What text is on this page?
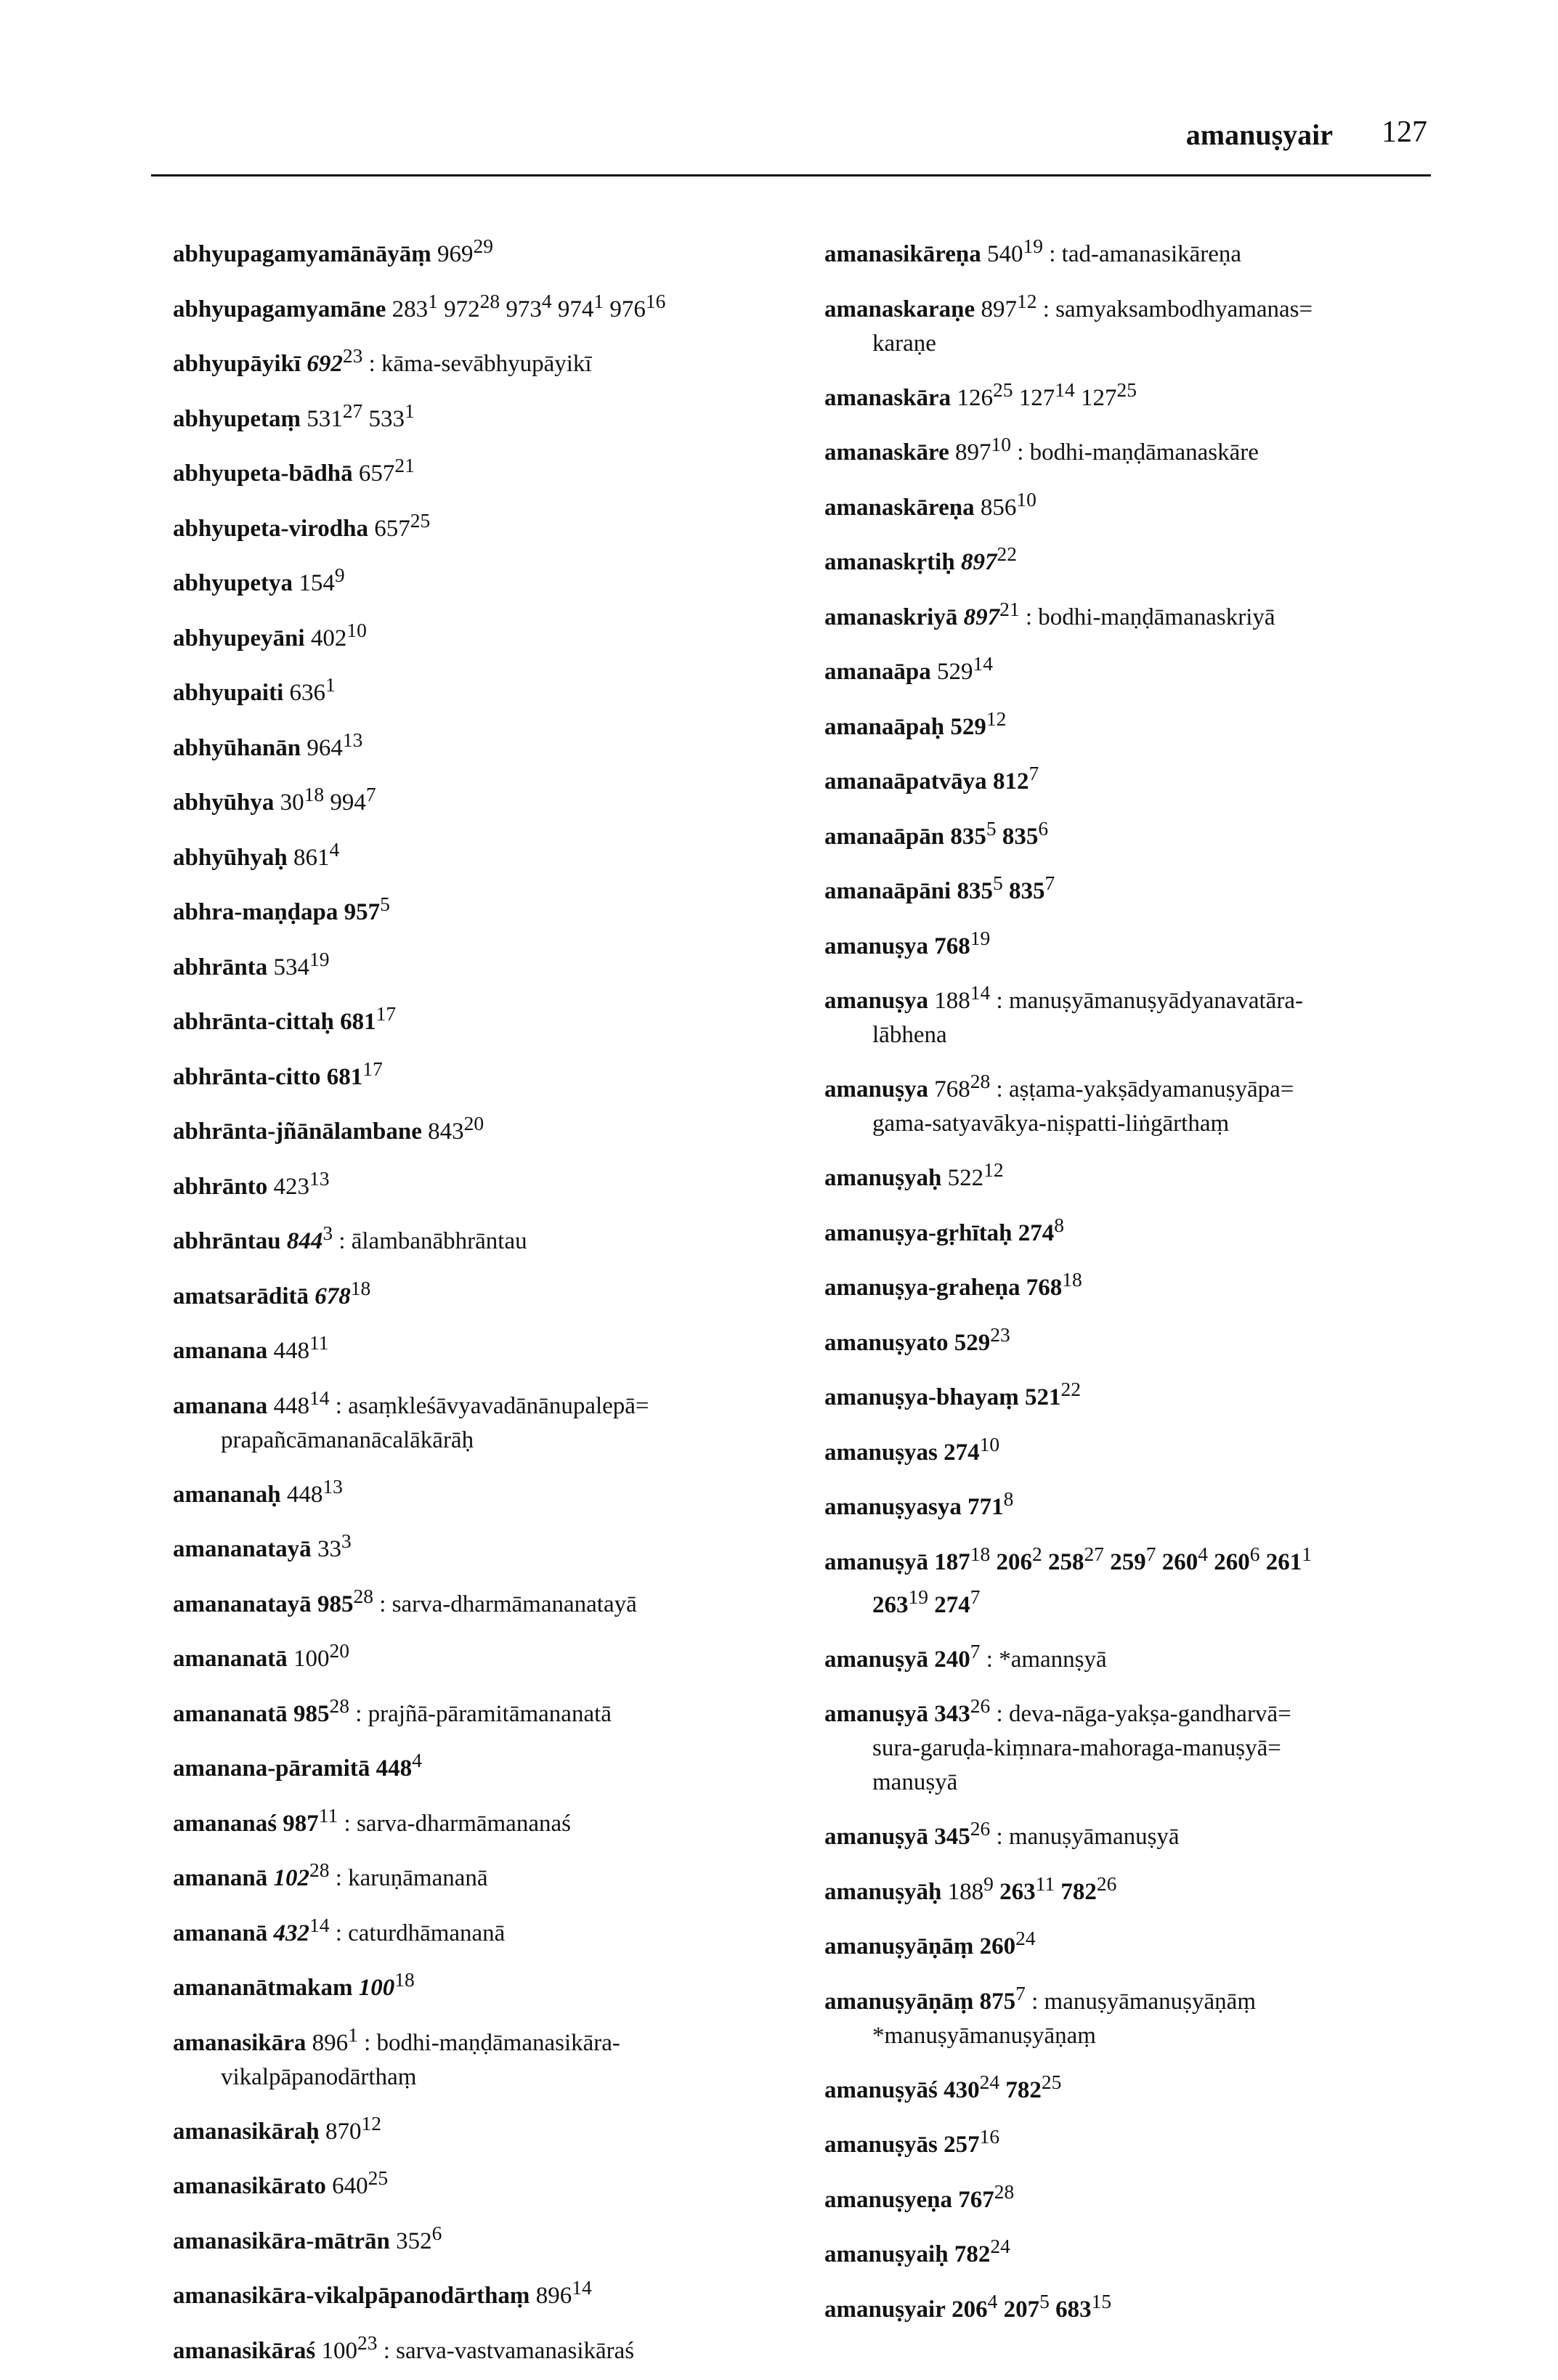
amanuṣyair 127
abhyupagamyamānāyāṃ $969^{29}$
abhyupagamyamāne $283^1$ $972^{28}$ $973^4$ $974^1$ $976^{16}$
abhyupāyikī $692^{23}$ : kāma-sevābhyupāyikī
abhyupetaṃ $531^{27}$ $533^1$
abhyupeta-bādhā $657^{21}$
abhyupeta-virodha $657^{25}$
abhyupetya $154^9$
abhyupeyāni $402^{10}$
abhyupaiti $636^1$
abhyūhanān $964^{13}$
abhyūhya $30^{18}$ $994^7$
abhyūhyaḥ $861^4$
abhra-maṇḍapa $957^5$
abhrānta $534^{19}$
abhrānta-cittaḥ $681^{17}$
abhrānta-citto $681^{17}$
abhrānta-jñānālambane $843^{20}$
abhrānto $423^{13}$
abhrāntau $844^3$ : ālambanābhrāntau
amatsarāditā $678^{18}$
amanana $448^{11}$
amanana $448^{14}$ : asaṃkleśāvyavadānānupalepā=
prapañcāmananācalākārāḥ
amananaḥ $448^{13}$
amananatayā $33^3$
amananatayā $985^{28}$ : sarva-dharmāmananatayā
amananatā $100^{20}$
amananatā $985^{28}$ : prajñā-pāramitāmananatā
amanana-pāramitā $448^4$
amananaś $987^{11}$ : sarva-dharmāmananaś
amananā $102^{28}$ : karuṇāmananā
amananā $432^{14}$ : caturdhāmananā
amananātmakam $100^{18}$
amanasikāra $896^1$ : bodhi-maṇḍāmanasikāra-
vikalpāpanodārthaṃ
amanasikāraḥ $870^{12}$
amanasikārato $640^{25}$
amanasikāra-mātrān $352^6$
amanasikāra-vikalpāpanodārthaṃ $896^{14}$
amanasikāraś $100^{23}$ : sarva-vastvamanasikāraś
amanasikāreṇa $540^{19}$ : tad-amanasikāreṇa
amanaskaraṇe $897^{12}$ : samyaksambodhyamanas=
karaṇe
amanaskāra $126^{25}$ $127^{14}$ $127^{25}$
amanaskāre $897^{10}$ : bodhi-maṇḍāmanaskāre
amanaskāreṇa $856^{10}$
amanaskṛtiḥ $897^{22}$
amanaskriyā $897^{21}$ : bodhi-maṇḍāmanaskriyā
amanaāpa $529^{14}$
amanaāpaḥ $529^{12}$
amanaāpatvāya $812^7$
amanaāpān $835^5$ $835^6$
amanaāpāni $835^5$ $835^7$
amanuṣya $768^{19}$
amanuṣya $188^{14}$ : manuṣyāmanuṣyādyanavatāra-
lābhena
amanuṣya $768^{28}$ : aṣṭama-yakṣādyamanuṣyāpa=
gama-satyavākya-niṣpatti-liṅgārthaṃ
amanuṣyaḥ $522^{12}$
amanuṣya-gṛhītaḥ $274^8$
amanuṣya-graheṇa $768^{18}$
amanuṣyato $529^{23}$
amanuṣya-bhayaṃ $521^{22}$
amanuṣyas $274^{10}$
amanuṣyasya $771^8$
amanuṣyā $187^{18}$ $206^2$ $258^{27}$ $259^7$ $260^4$ $260^6$ $261^1$
$263^{19}$ $274^7$
amanuṣyā $240^7$ : *amannṣyā
amanuṣyā $343^{26}$ : deva-nāga-yakṣa-gandharvā=
sura-garuḍa-kiṃnara-mahoraga-manuṣyā=
manuṣyā
amanuṣyā $345^{26}$ : manuṣyāmanuṣyā
amanuṣyāḥ $188^9$ $263^{11}$ $782^{26}$
amanuṣyāṇāṃ $260^{24}$
amanuṣyāṇāṃ $875^7$ : manuṣyāmanuṣyāṇāṃ
*manuṣyāmanuṣyāṇaṃ
amanuṣyāś $430^{24}$ $782^{25}$
amanuṣyās $257^{16}$
amanuṣyeṇa $767^{28}$
amanuṣyaiḥ $782^{24}$
amanuṣyair $206^4$ $207^5$ $683^{15}$
